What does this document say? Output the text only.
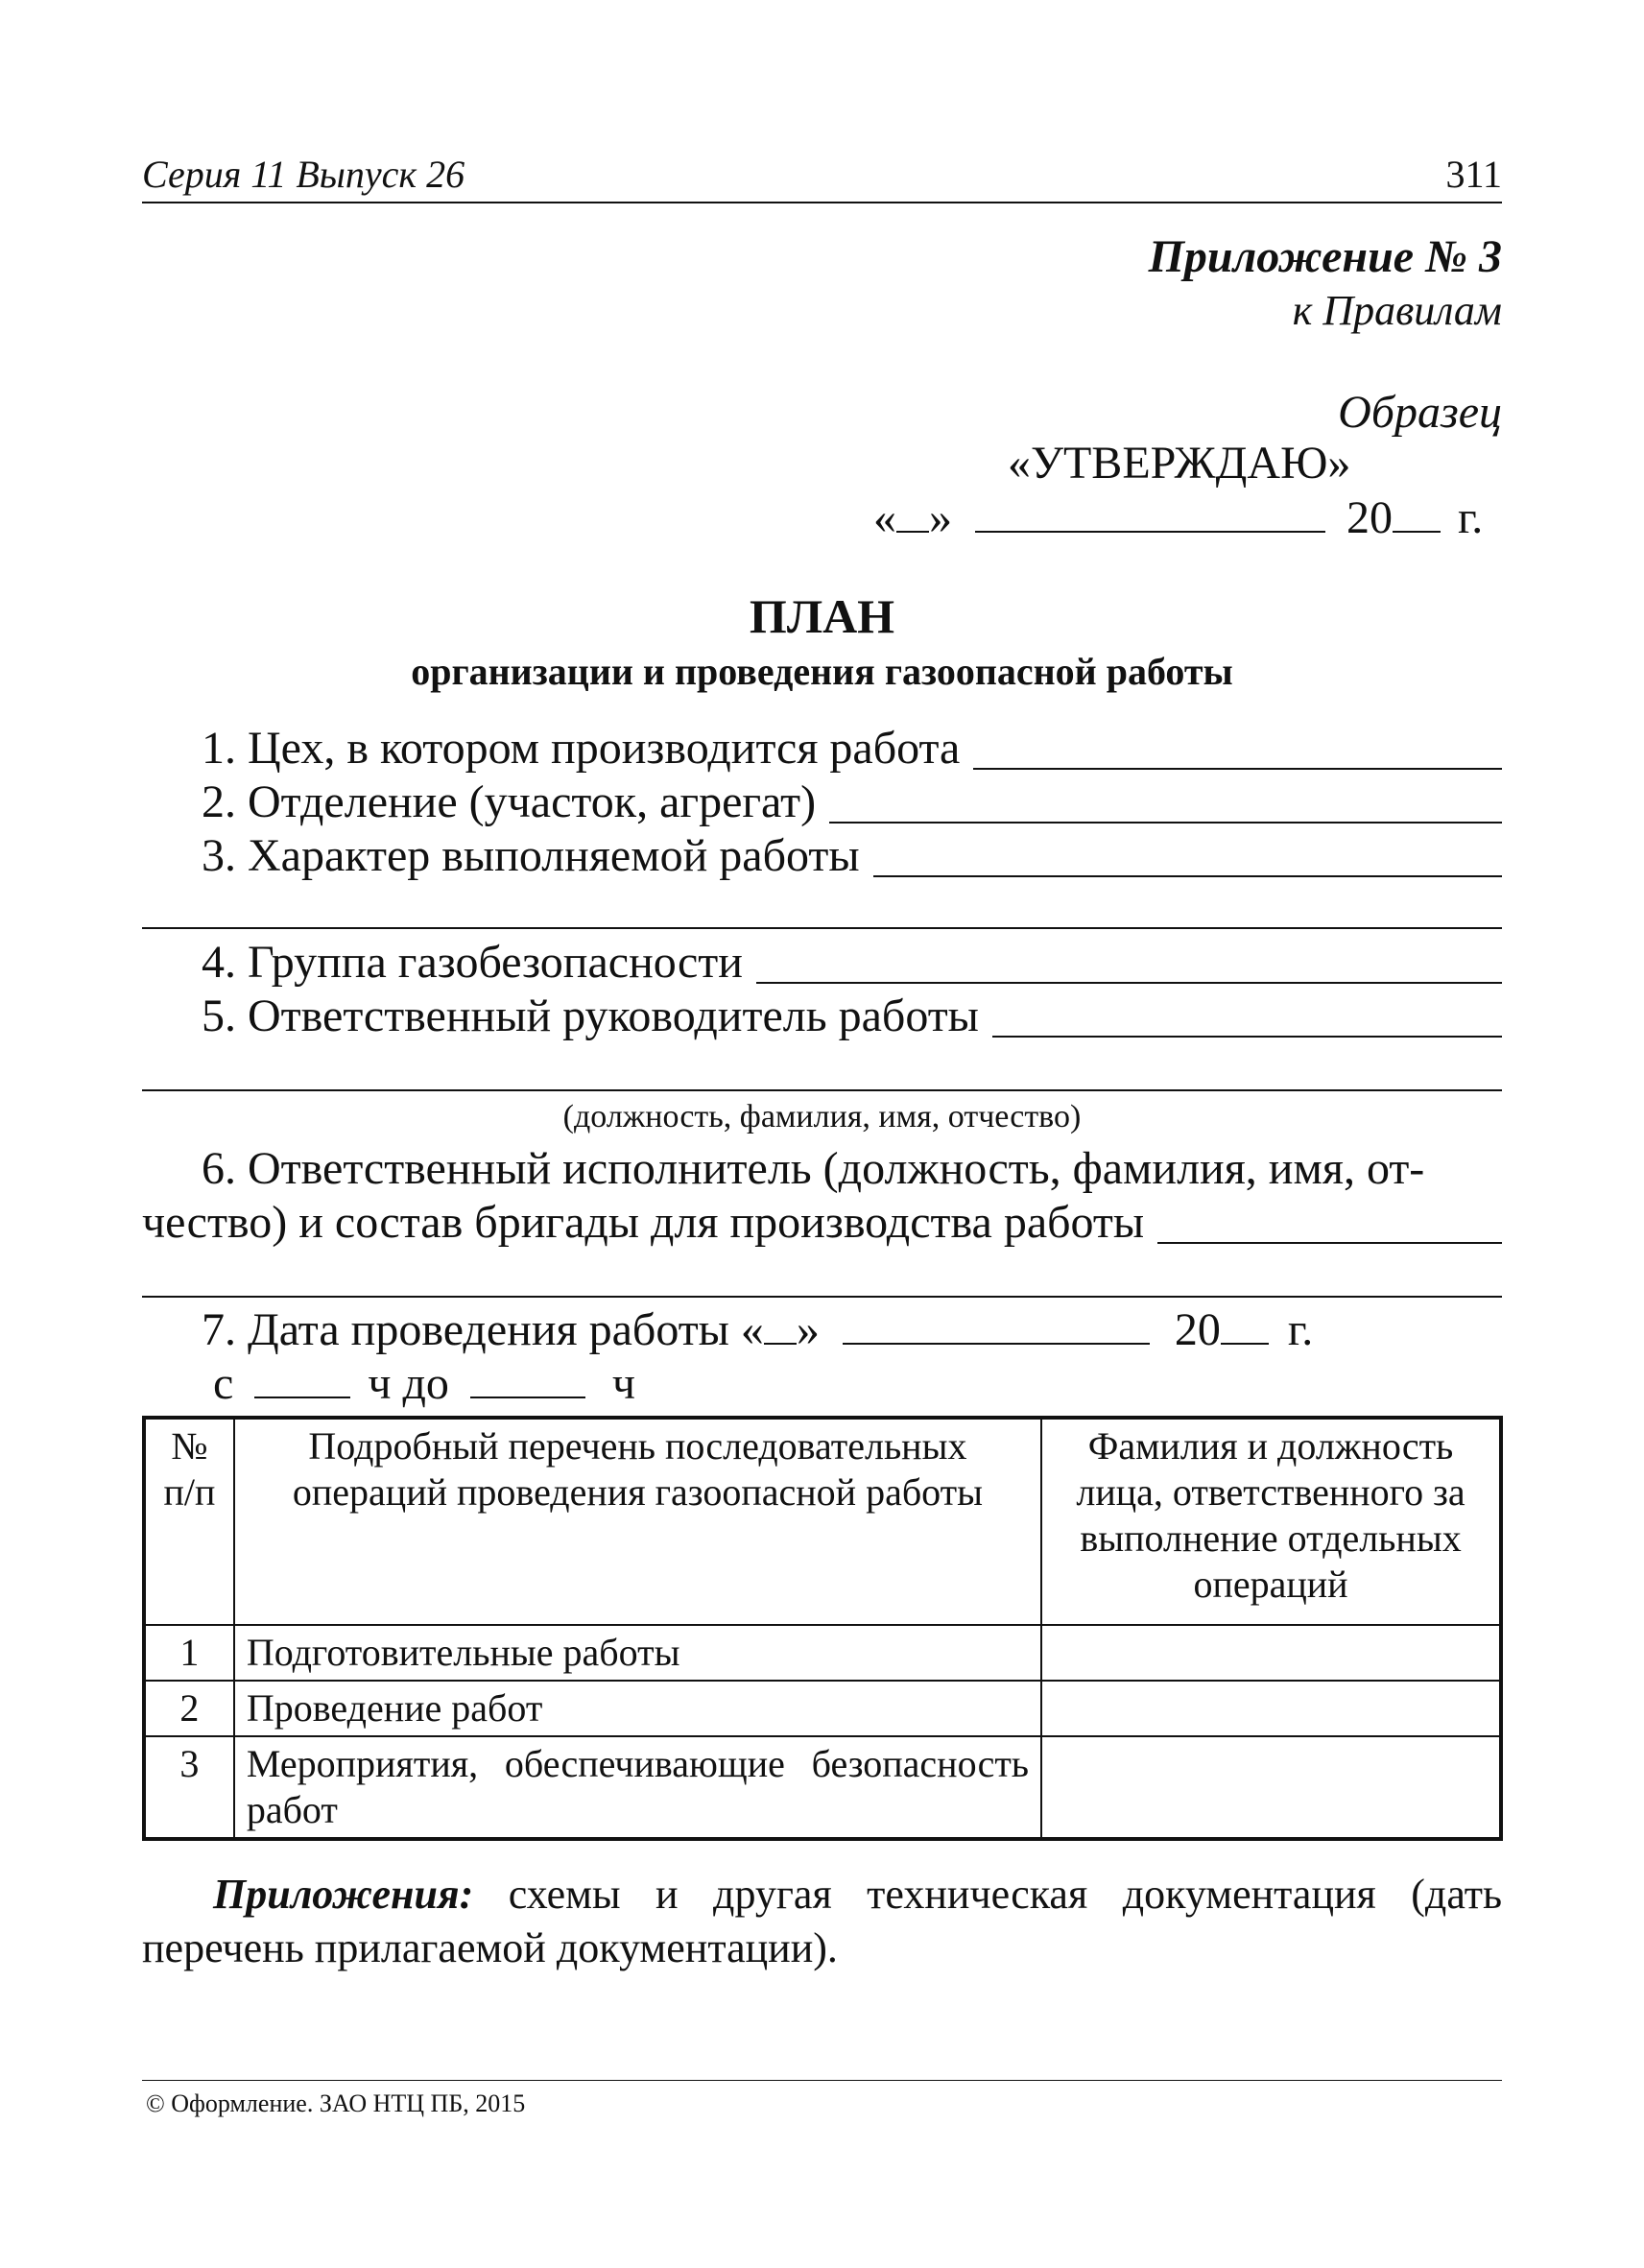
Серия 11 Выпуск 26	311
Приложение № 3
к Правилам
Образец
«УТВЕРЖДАЮ»
« »	20 г.
ПЛАН
организации и проведения газоопасной работы
1. Цех, в котором производится работа
2. Отделение (участок, агрегат)
3. Характер выполняемой работы
4. Группа газобезопасности
5. Ответственный руководитель работы
(должность, фамилия, имя, отчество)
6. Ответственный исполнитель (должность, фамилия, имя, от-
чество) и состав бригады для производства работы
7. Дата проведения работы « »	20 г.
с	ч до	ч
№ п/п	Подробный перечень последовательных операций проведения газоопасной работы	Фамилия и должность лица, ответственного за выполнение отдельных операций
1	Подготовительные работы	
2	Проведение работ	
3	Мероприятия, обеспечивающие безопасность работ	
Приложения: схемы и другая техническая документация (дать перечень прилагаемой документации).
© Оформление. ЗАО НТЦ ПБ, 2015
